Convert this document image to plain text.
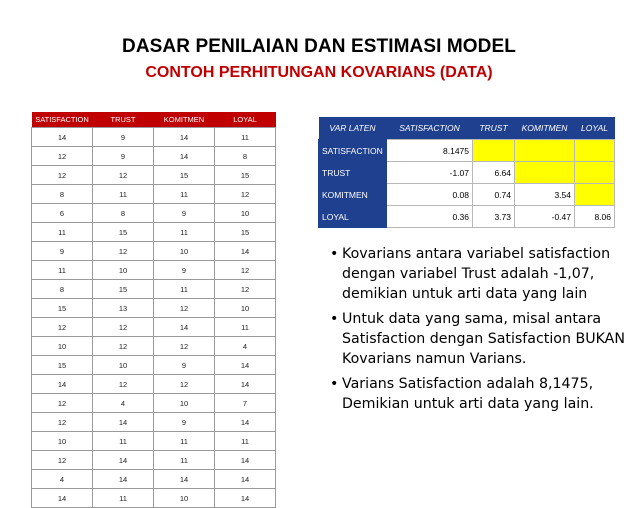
DASAR PENILAIAN DAN ESTIMASI MODEL
CONTOH PERHITUNGAN KOVARIANS (DATA)
SATISFACTION	TRUST	KOMITMEN	LOYAL
14	9	14	11
12	9	14	8
12	12	15	15
8	11	11	12
6	8	9	10
11	15	11	15
9	12	10	14
11	10	9	12
8	15	11	12
15	13	12	10
12	12	14	11
10	12	12	4
15	10	9	14
14	12	12	14
12	4	10	7
12	14	9	14
10	11	11	11
12	14	11	14
4	14	14	14
14	11	10	14
VAR LATEN	SATISFACTION	TRUST	KOMITMEN	LOYAL
SATISFACTION	8.1475			
TRUST	-1.07	6.64		
KOMITMEN	0.08	0.74	3.54	
LOYAL	0.36	3.73	-0.47	8.06
• Kovarians antara variabel satisfaction dengan variabel Trust adalah -1,07, demikian untuk arti data yang lain
• Untuk data yang sama, misal antara Satisfaction dengan Satisfaction BUKAN Kovarians namun Varians.
• Varians Satisfaction adalah 8,1475, Demikian untuk arti data yang lain.
